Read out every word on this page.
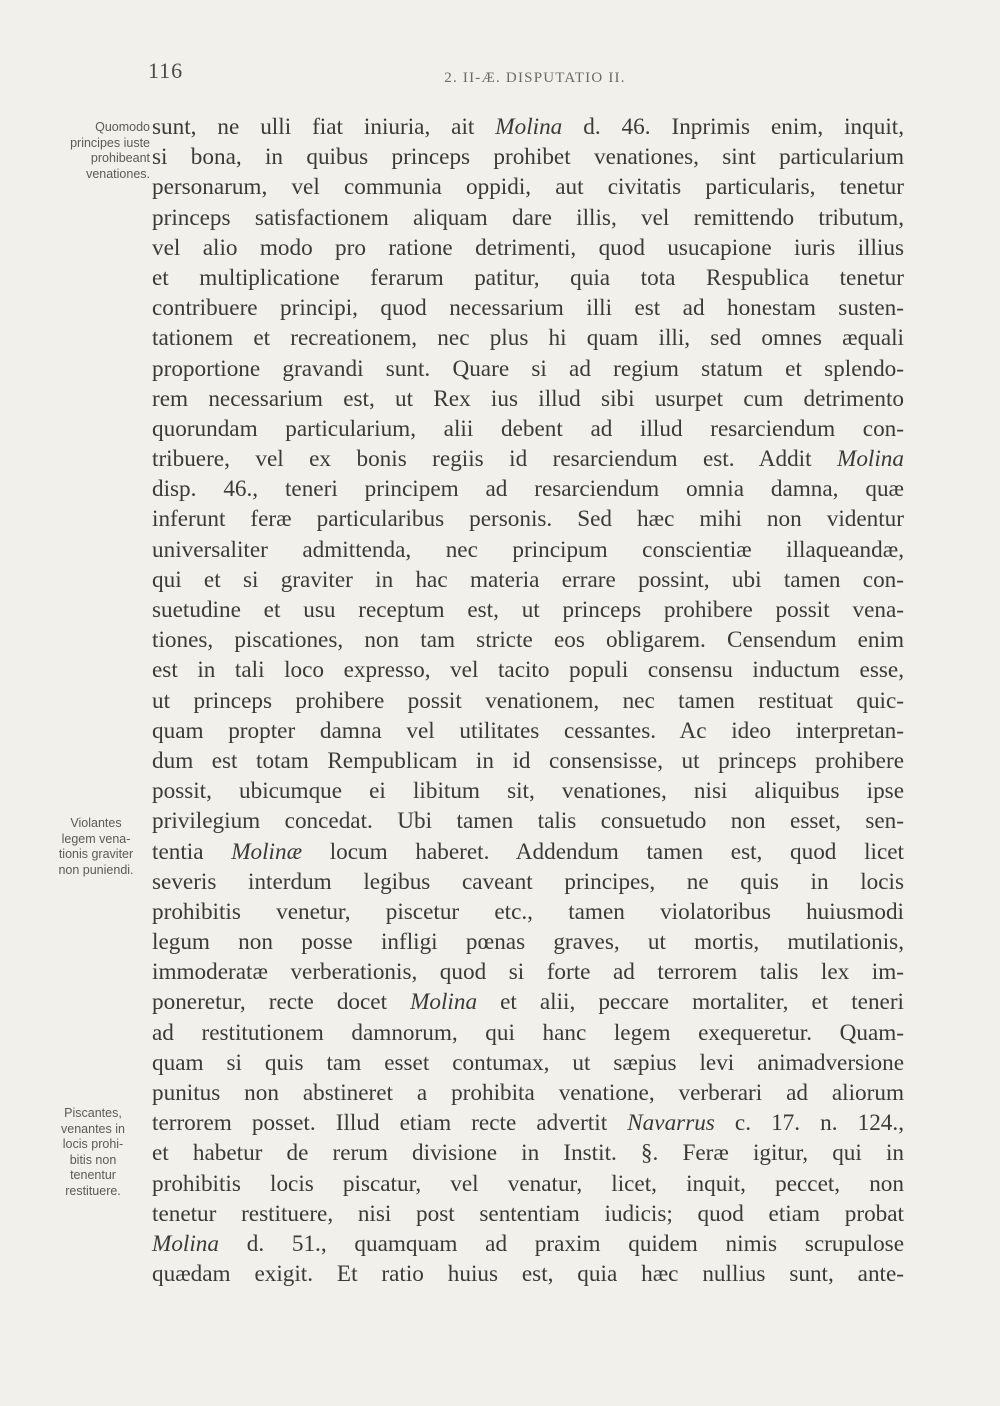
116	2. II-Æ. DISPUTATIO II.
Quomodo
principes iuste
prohibeant
venationes.
Violantes
legem vena-
tionis graviter
non puniendi.
Piscantes,
venantes in
locis prohi-
bitis non
tenentur
restituere.
sunt, ne ulli fiat iniuria, ait Molina d. 46. Inprimis enim, inquit,
si bona, in quibus princeps prohibet venationes, sint particularium
personarum, vel communia oppidi, aut civitatis particularis, tenetur
princeps satisfactionem aliquam dare illis, vel remittendo tributum,
vel alio modo pro ratione detrimenti, quod usucapione iuris illius
et multiplicatione ferarum patitur, quia tota Respublica tenetur
contribuere principi, quod necessarium illi est ad honestam susten-
tationem et recreationem, nec plus hi quam illi, sed omnes æquali
proportione gravandi sunt. Quare si ad regium statum et splendo-
rem necessarium est, ut Rex ius illud sibi usurpet cum detrimento
quorundam particularium, alii debent ad illud resarciendum con-
tribuere, vel ex bonis regiis id resarciendum est. Addit Molina
disp. 46., teneri principem ad resarciendum omnia damna, quæ
inferunt feræ particularibus personis. Sed hæc mihi non videntur
universaliter admittenda, nec principum conscientiæ illaqueandæ,
qui et si graviter in hac materia errare possint, ubi tamen con-
suetudine et usu receptum est, ut princeps prohibere possit vena-
tiones, piscationes, non tam stricte eos obligarem. Censendum enim
est in tali loco expresso, vel tacito populi consensu inductum esse,
ut princeps prohibere possit venationem, nec tamen restituat quic-
quam propter damna vel utilitates cessantes. Ac ideo interpretan-
dum est totam Rempublicam in id consensisse, ut princeps prohibere
possit, ubicumque ei libitum sit, venationes, nisi aliquibus ipse
privilegium concedat. Ubi tamen talis consuetudo non esset, sen-
tentia Molinæ locum haberet. Addendum tamen est, quod licet
severis interdum legibus caveant principes, ne quis in locis
prohibitis venetur, piscetur etc., tamen violatoribus huiusmodi
legum non posse infligi pœnas graves, ut mortis, mutilationis,
immoderatæ verberationis, quod si forte ad terrorem talis lex im-
poneretur, recte docet Molina et alii, peccare mortaliter, et teneri
ad restitutionem damnorum, qui hanc legem exequeretur. Quam-
quam si quis tam esset contumax, ut sæpius levi animadversione
punitus non abstineret a prohibita venatione, verberari ad aliorum
terrorem posset. Illud etiam recte advertit Navarrus c. 17. n. 124.,
et habetur de rerum divisione in Instit. §. Feræ igitur, qui in
prohibitis locis piscatur, vel venatur, licet, inquit, peccet, non
tenetur restituere, nisi post sententiam iudicis; quod etiam probat
Molina d. 51., quamquam ad praxim quidem nimis scrupulose
quædam exigit. Et ratio huius est, quia hæc nullius sunt, ante-
